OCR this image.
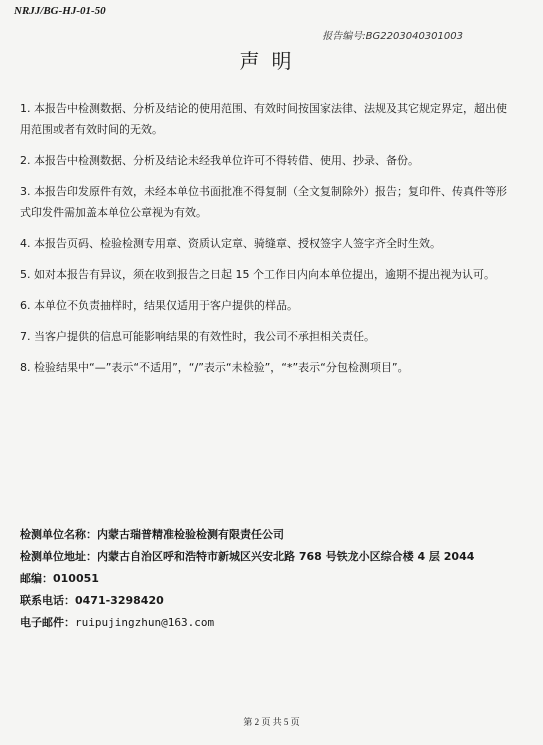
NRJJ/BG-HJ-01-50
报告编号:BG2203040301003
声明

1. 本报告中检测数据、分析及结论的使用范围、有效时间按国家法律、法规及其它规定界定，超出使用范围或者有效时间的无效。

2. 本报告中检测数据、分析及结论未经我单位许可不得转借、使用、抄录、备份。

3. 本报告印发原件有效，未经本单位书面批准不得复制（全文复制除外）报告；复印件、传真件等形式印发件需加盖本单位公章视为有效。

4. 本报告页码、检验检测专用章、资质认定章、骑缝章、授权签字人签字齐全时生效。

5. 如对本报告有异议，须在收到报告之日起 15 个工作日内向本单位提出，逾期不提出视为认可。

6. 本单位不负责抽样时，结果仅适用于客户提供的样品。

7. 当客户提供的信息可能影响结果的有效性时，我公司不承担相关责任。

8. 检验结果中“—”表示“不适用”，“/”表示“未检验”，“*”表示“分包检测项目”。

检测单位名称：内蒙古瑞普精准检验检测有限责任公司
检测单位地址：内蒙古自治区呼和浩特市新城区兴安北路 768 号铁龙小区综合楼 4 层 2044
邮编：010051
联系电话：0471-3298420
电子邮件：ruipujingzhun@163.com
第 2 页 共 5 页
